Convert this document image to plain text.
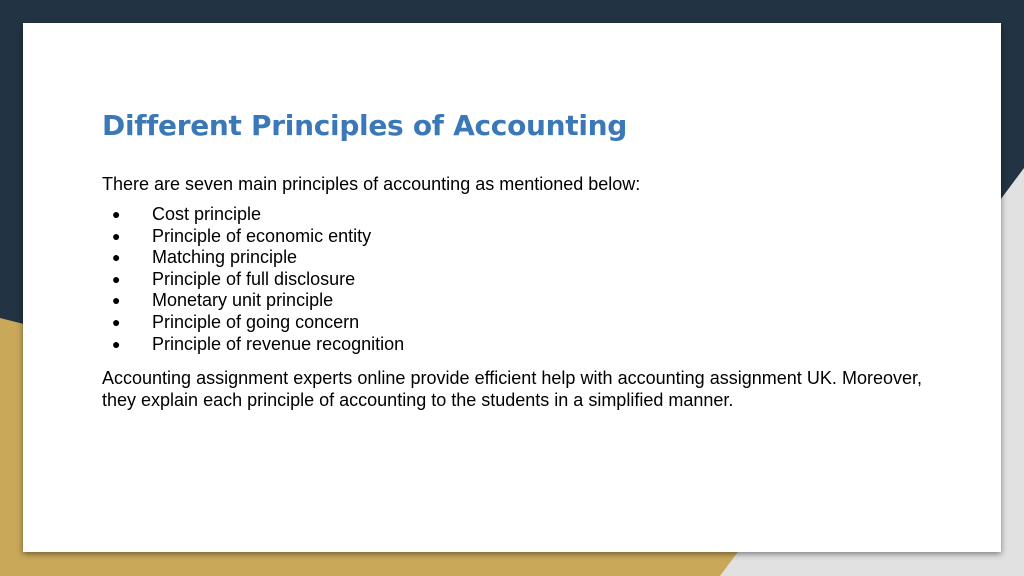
Different Principles of Accounting
There are seven main principles of accounting as mentioned below:
●	Cost principle
●	Principle of economic entity
●	Matching principle
●	Principle of full disclosure
●	Monetary unit principle
●	Principle of going concern
●	Principle of revenue recognition

Accounting assignment experts online provide efficient help with accounting assignment UK. Moreover, they explain each principle of accounting to the students in a simplified manner.
